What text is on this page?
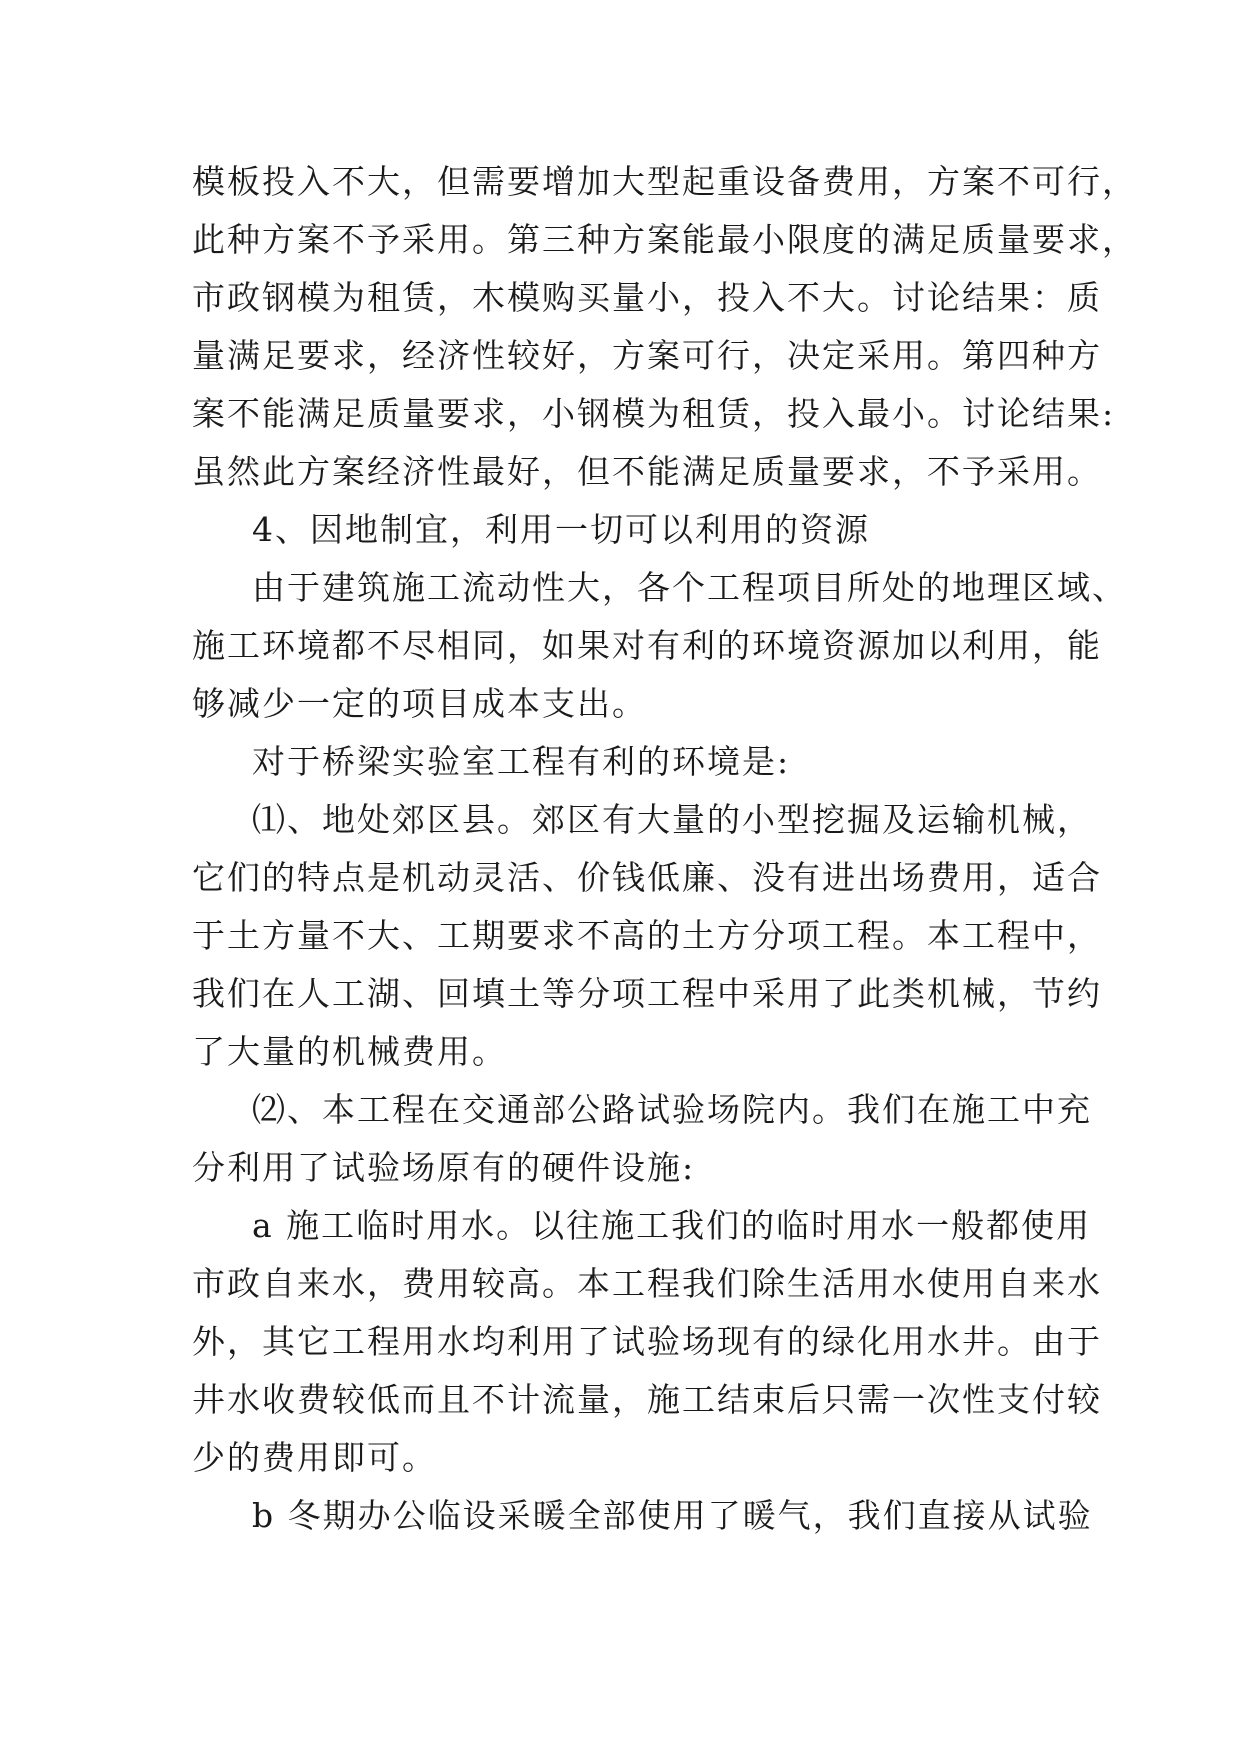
模板投入不大，但需要增加大型起重设备费用，方案不可行，
此种方案不予采用。第三种方案能最小限度的满足质量要求，
市政钢模为租赁，木模购买量小，投入不大。讨论结果：质
量满足要求，经济性较好，方案可行，决定采用。第四种方
案不能满足质量要求，小钢模为租赁，投入最小。讨论结果:
虽然此方案经济性最好，但不能满足质量要求，不予采用。
4、因地制宜，利用一切可以利用的资源
由于建筑施工流动性大，各个工程项目所处的地理区域、
施工环境都不尽相同，如果对有利的环境资源加以利用，能
够减少一定的项目成本支出。
对于桥梁实验室工程有利的环境是:
⑴、地处郊区县。郊区有大量的小型挖掘及运输机械，
它们的特点是机动灵活、价钱低廉、没有进出场费用，适合
于土方量不大、工期要求不高的土方分项工程。本工程中，
我们在人工湖、回填土等分项工程中采用了此类机械，节约
了大量的机械费用。
⑵、本工程在交通部公路试验场院内。我们在施工中充
分利用了试验场原有的硬件设施:
a 施工临时用水。以往施工我们的临时用水一般都使用
市政自来水，费用较高。本工程我们除生活用水使用自来水
外，其它工程用水均利用了试验场现有的绿化用水井。由于
井水收费较低而且不计流量，施工结束后只需一次性支付较
少的费用即可。
b 冬期办公临设采暖全部使用了暖气，我们直接从试验
